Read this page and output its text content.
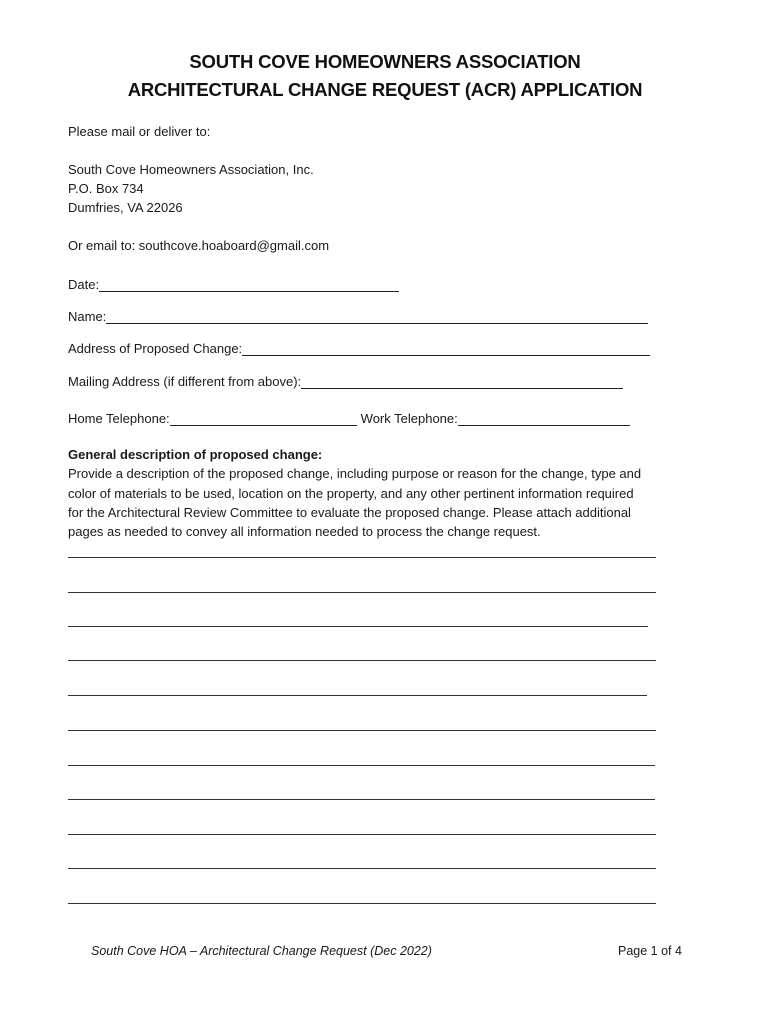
SOUTH COVE HOMEOWNERS ASSOCIATION
ARCHITECTURAL CHANGE REQUEST (ACR) APPLICATION
Please mail or deliver to:
South Cove Homeowners Association, Inc.
P.O. Box 734
Dumfries, VA 22026
Or email to: southcove.hoaboard@gmail.com
Date:
Name:
Address of Proposed Change:
Mailing Address (if different from above):
Home Telephone:	Work Telephone:
General description of proposed change:
Provide a description of the proposed change, including purpose or reason for the change, type and
color of materials to be used, location on the property, and any other pertinent information required
for the Architectural Review Committee to evaluate the proposed change. Please attach additional
pages as needed to convey all information needed to process the change request.
South Cove HOA – Architectural Change Request (Dec 2022)	Page 1 of 4
